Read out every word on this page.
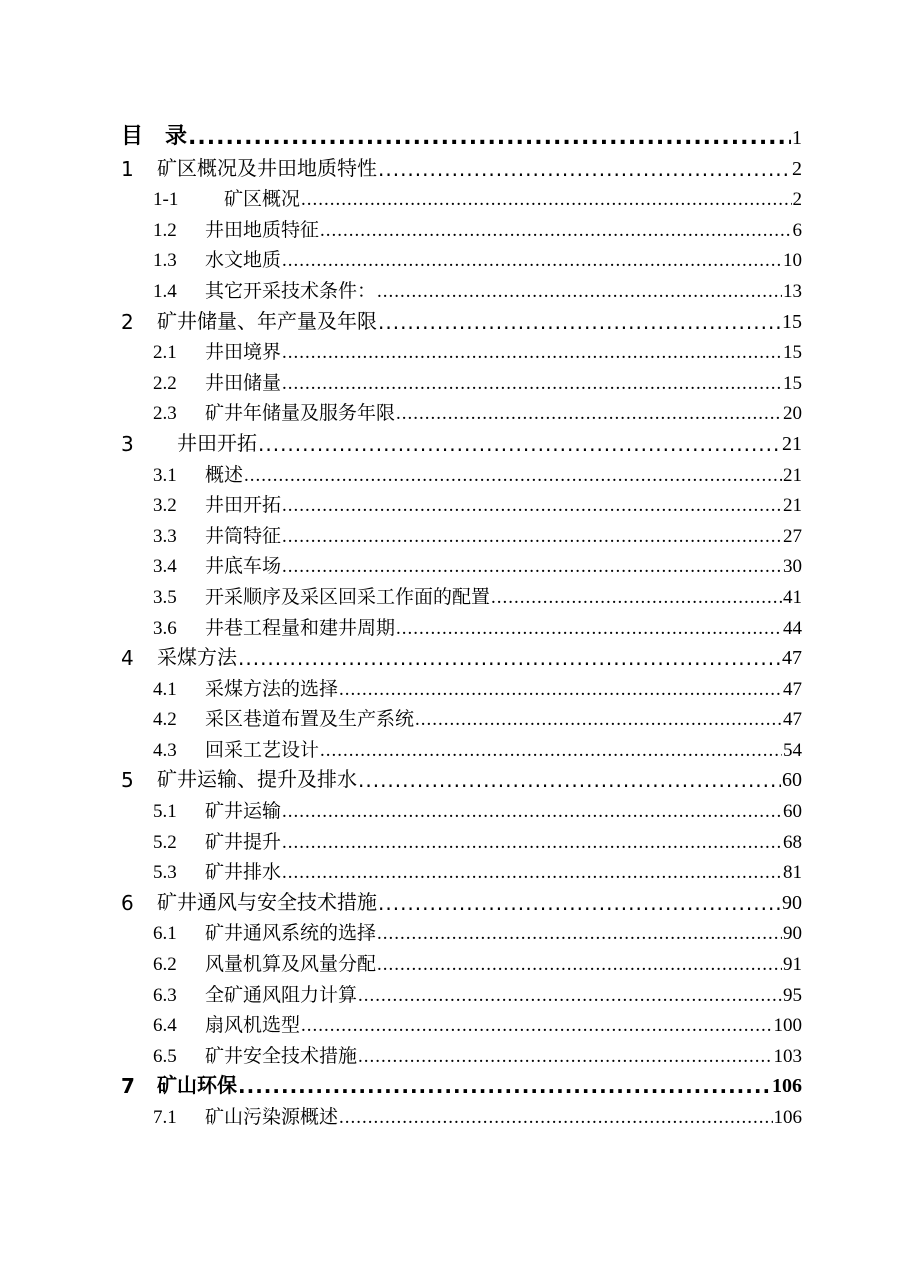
目　录 .....	1
1	矿区概况及井田地质特性 .....	2
1-1	　矿区概况 .....	2
1.2	井田地质特征 .....	6
1.3	水文地质 .....	10
1.4	其它开采技术条件： .....	13
2	矿井储量、年产量及年限 .....	15
2.1	井田境界 .....	15
2.2	井田储量 .....	15
2.3	矿井年储量及服务年限 .....	20
3	　井田开拓 .....	21
3.1	概述 .....	21
3.2	井田开拓 .....	21
3.3	井筒特征 .....	27
3.4	井底车场 .....	30
3.5	开采顺序及采区回采工作面的配置 .....	41
3.6	井巷工程量和建井周期 .....	44
4	采煤方法 .....	47
4.1	采煤方法的选择 .....	47
4.2	采区巷道布置及生产系统 .....	47
4.3	回采工艺设计 .....	54
5	矿井运输、提升及排水 .....	60
5.1	矿井运输 .....	60
5.2	矿井提升 .....	68
5.3	矿井排水 .....	81
6	矿井通风与安全技术措施 .....	90
6.1	矿井通风系统的选择 .....	90
6.2	风量机算及风量分配 .....	91
6.3	全矿通风阻力计算 .....	95
6.4	扇风机选型 .....	100
6.5	矿井安全技术措施 .....	103
7	矿山环保 .....	106
7.1	矿山污染源概述 .....	106
